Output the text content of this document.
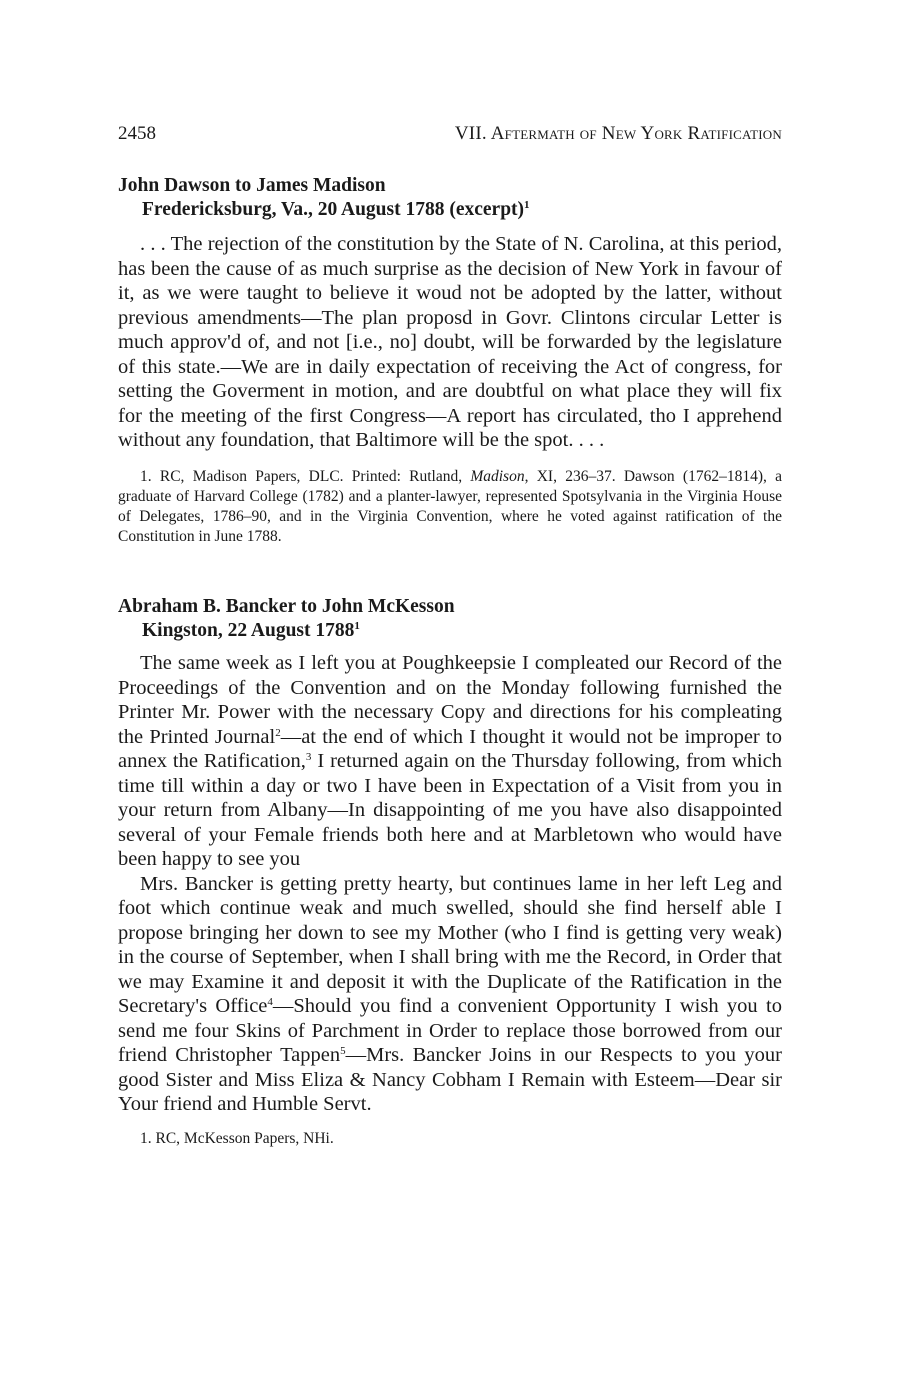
2458	VII. Aftermath of New York Ratification
John Dawson to James Madison
Fredericksburg, Va., 20 August 1788 (excerpt)$^1$

. . . The rejection of the constitution by the State of N. Carolina, at this period, has been the cause of as much surprise as the decision of New York in favour of it, as we were taught to believe it woud not be adopted by the latter, without previous amendments—The plan proposd in Govr. Clintons circular Letter is much approv'd of, and not [i.e., no] doubt, will be forwarded by the legislature of this state.—We are in daily expectation of receiving the Act of congress, for setting the Goverment in motion, and are doubtful on what place they will fix for the meeting of the first Congress—A report has circulated, tho I apprehend without any foundation, that Baltimore will be the spot. . . .

1. RC, Madison Papers, DLC. Printed: Rutland, Madison, XI, 236–37. Dawson (1762–1814), a graduate of Harvard College (1782) and a planter-lawyer, represented Spotsylvania in the Virginia House of Delegates, 1786–90, and in the Virginia Convention, where he voted against ratification of the Constitution in June 1788.
Abraham B. Bancker to John McKesson
Kingston, 22 August 1788$^1$

The same week as I left you at Poughkeepsie I compleated our Record of the Proceedings of the Convention and on the Monday following furnished the Printer Mr. Power with the necessary Copy and directions for his compleating the Printed Journal$^2$—at the end of which I thought it would not be improper to annex the Ratification,$^3$ I returned again on the Thursday following, from which time till within a day or two I have been in Expectation of a Visit from you in your return from Albany—In disappointing of me you have also disappointed several of your Female friends both here and at Marbletown who would have been happy to see you

Mrs. Bancker is getting pretty hearty, but continues lame in her left Leg and foot which continue weak and much swelled, should she find herself able I propose bringing her down to see my Mother (who I find is getting very weak) in the course of September, when I shall bring with me the Record, in Order that we may Examine it and deposit it with the Duplicate of the Ratification in the Secretary's Office$^4$—Should you find a convenient Opportunity I wish you to send me four Skins of Parchment in Order to replace those borrowed from our friend Christopher Tappen$^5$—Mrs. Bancker Joins in our Respects to you your good Sister and Miss Eliza & Nancy Cobham I Remain with Esteem—Dear sir Your friend and Humble Servt.

1. RC, McKesson Papers, NHi.
